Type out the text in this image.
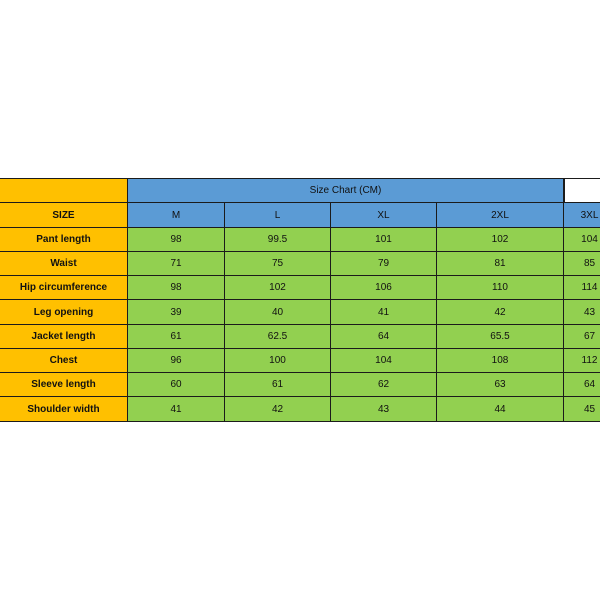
Size Chart (CM)
SIZE	M	L	XL	2XL	3XL
Pant length	98	99.5	101	102	104
Waist	71	75	79	81	85
Hip circumference	98	102	106	110	114
Leg opening	39	40	41	42	43
Jacket length	61	62.5	64	65.5	67
Chest	96	100	104	108	112
Sleeve length	60	61	62	63	64
Shoulder width	41	42	43	44	45
